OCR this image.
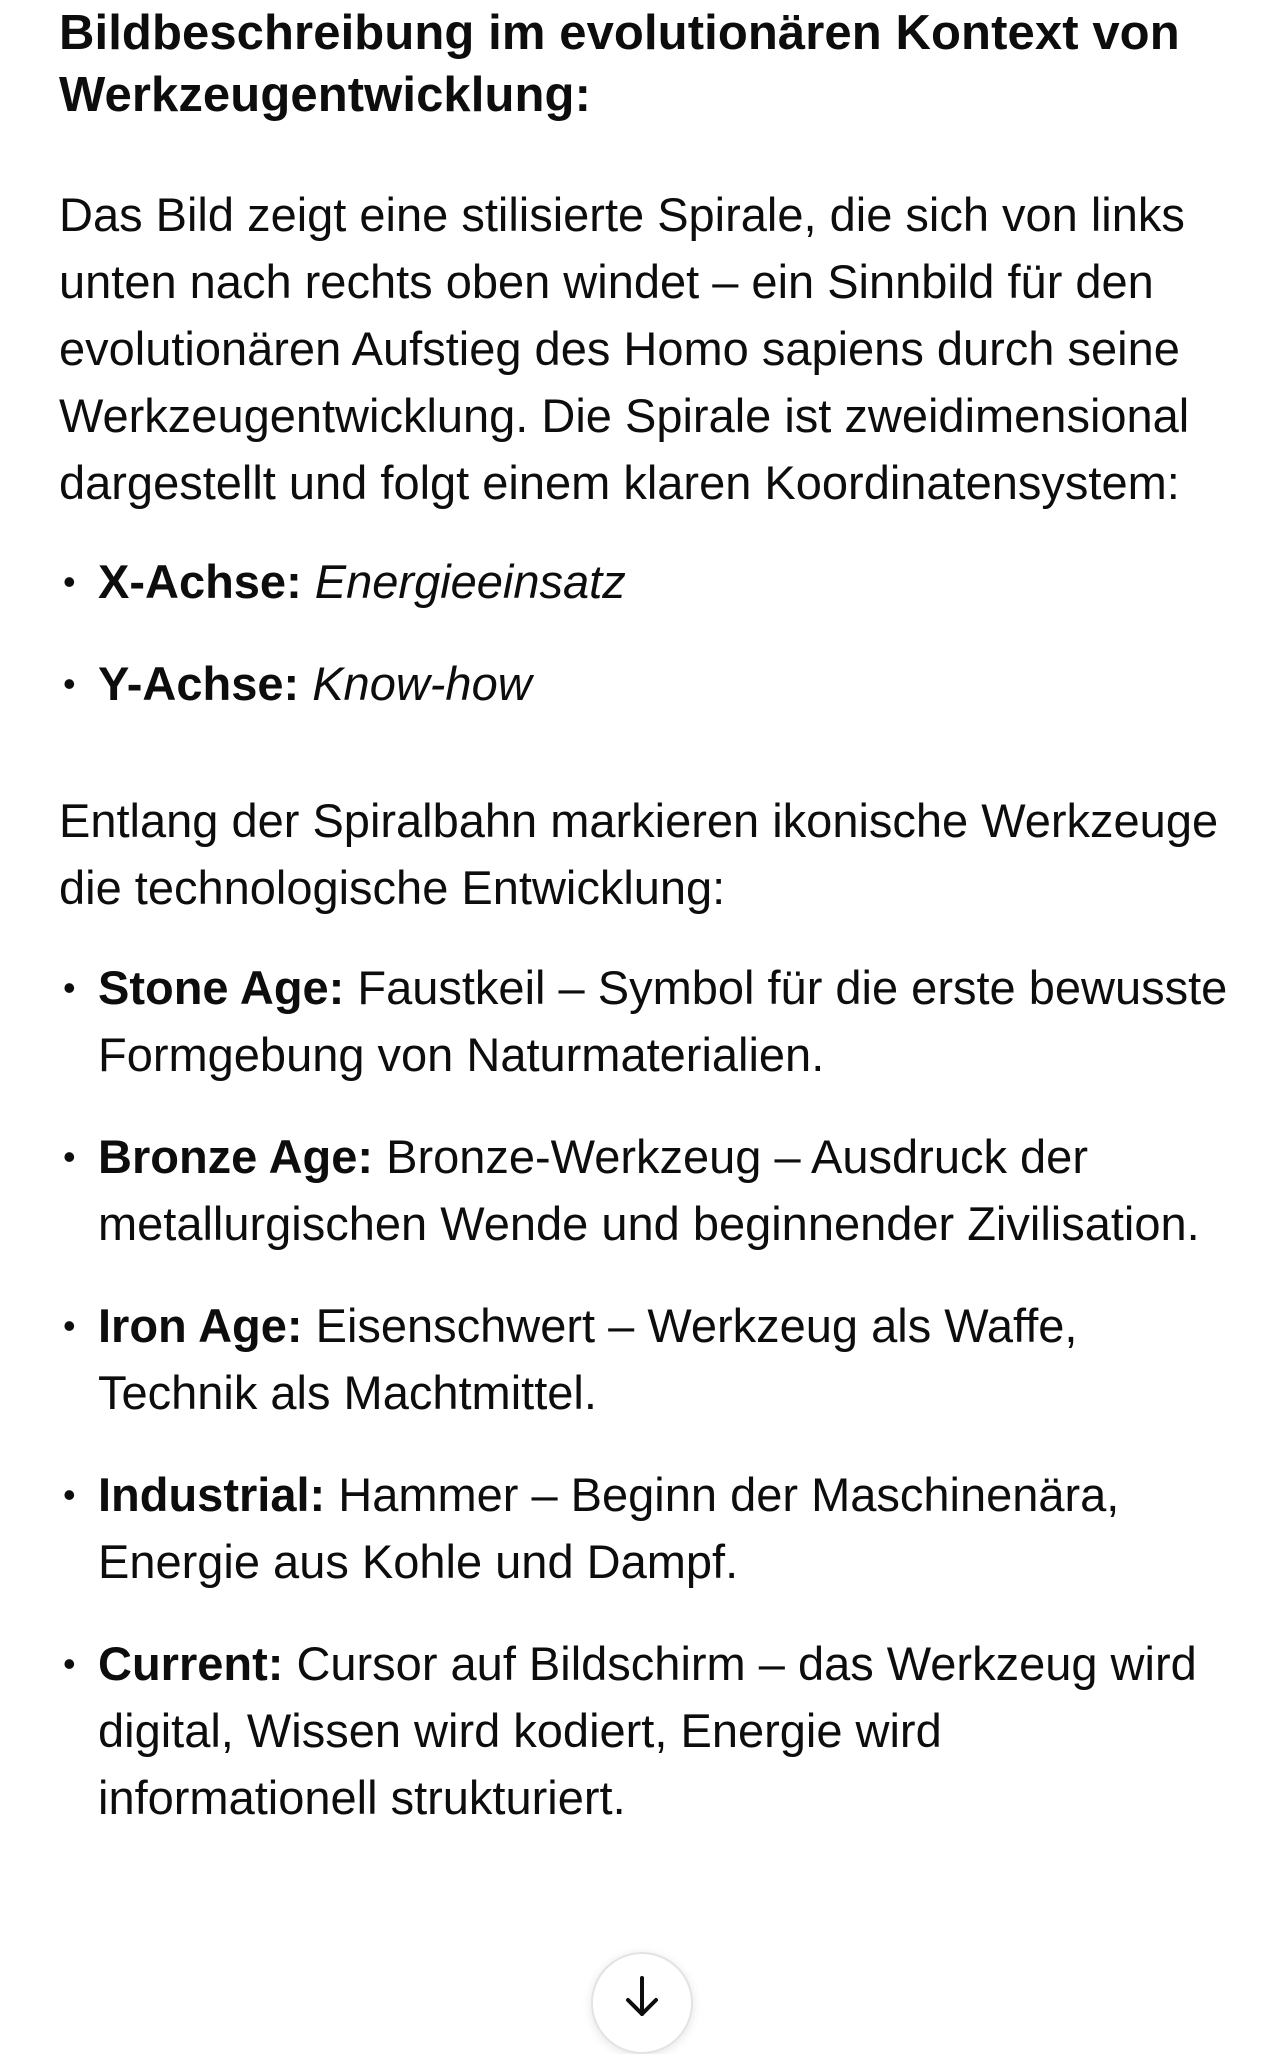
Bildbeschreibung im evolutionären Kontext von Werkzeugentwicklung:

Das Bild zeigt eine stilisierte Spirale, die sich von links unten nach rechts oben windet – ein Sinnbild für den evolutionären Aufstieg des Homo sapiens durch seine Werkzeugentwicklung. Die Spirale ist zweidimensional dargestellt und folgt einem klaren Koordinatensystem:

• X-Achse: Energieeinsatz
• Y-Achse: Know-how

Entlang der Spiralbahn markieren ikonische Werkzeuge die technologische Entwicklung:

• Stone Age: Faustkeil – Symbol für die erste bewusste Formgebung von Naturmaterialien.
• Bronze Age: Bronze-Werkzeug – Ausdruck der metallurgischen Wende und beginnender Zivilisation.
• Iron Age: Eisenschwert – Werkzeug als Waffe, Technik als Machtmittel.
• Industrial: Hammer – Beginn der Maschinenära, Energie aus Kohle und Dampf.
• Current: Cursor auf Bildschirm – das Werkzeug wird digital, Wissen wird kodiert, Energie wird informationell strukturiert.
